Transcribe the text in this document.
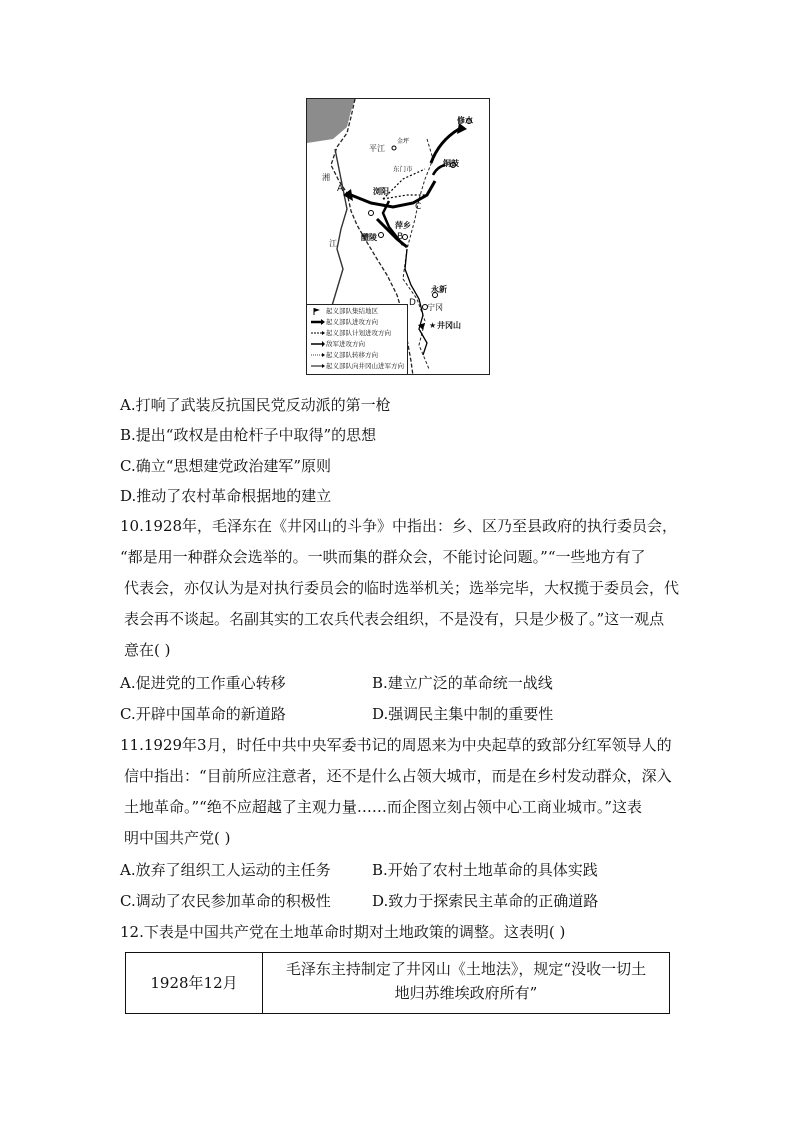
修水
平江
金坪
铜鼓
东门市
湘
浏阳
江
醴陵
萍乡
永新
宁冈
★ 井冈山
A
B
C
D
起义部队集结地区
起义部队进攻方向
起义部队计划进攻方向
敌军进攻方向
起义部队转移方向
起义部队向井冈山进军方向
A.打响了武装反抗国民党反动派的第一枪
B.提出“政权是由枪杆子中取得”的思想
C.确立“思想建党政治建军”原则
D.推动了农村革命根据地的建立
10.1928年，毛泽东在《井冈山的斗争》中指出：乡、区乃至县政府的执行委员会，
“都是用一种群众会选举的。一哄而集的群众会，不能讨论问题。”“一些地方有了
代表会，亦仅认为是对执行委员会的临时选举机关；选举完毕，大权揽于委员会，代
表会再不谈起。名副其实的工农兵代表会组织，不是没有，只是少极了。”这一观点
意在( )
A.促进党的工作重心转移	B.建立广泛的革命统一战线
C.开辟中国革命的新道路	D.强调民主集中制的重要性
11.1929年3月，时任中共中央军委书记的周恩来为中央起草的致部分红军领导人的
信中指出：“目前所应注意者，还不是什么占领大城市，而是在乡村发动群众，深入
土地革命。”“绝不应超越了主观力量……而企图立刻占领中心工商业城市。”这表
明中国共产党( )
A.放弃了组织工人运动的主任务	B.开始了农村土地革命的具体实践
C.调动了农民参加革命的积极性	D.致力于探索民主革命的正确道路
12.下表是中国共产党在土地革命时期对土地政策的调整。这表明( )
1928年12月	
毛泽东主持制定了井冈山《土地法》，规定“没收一切土
地归苏维埃政府所有”
